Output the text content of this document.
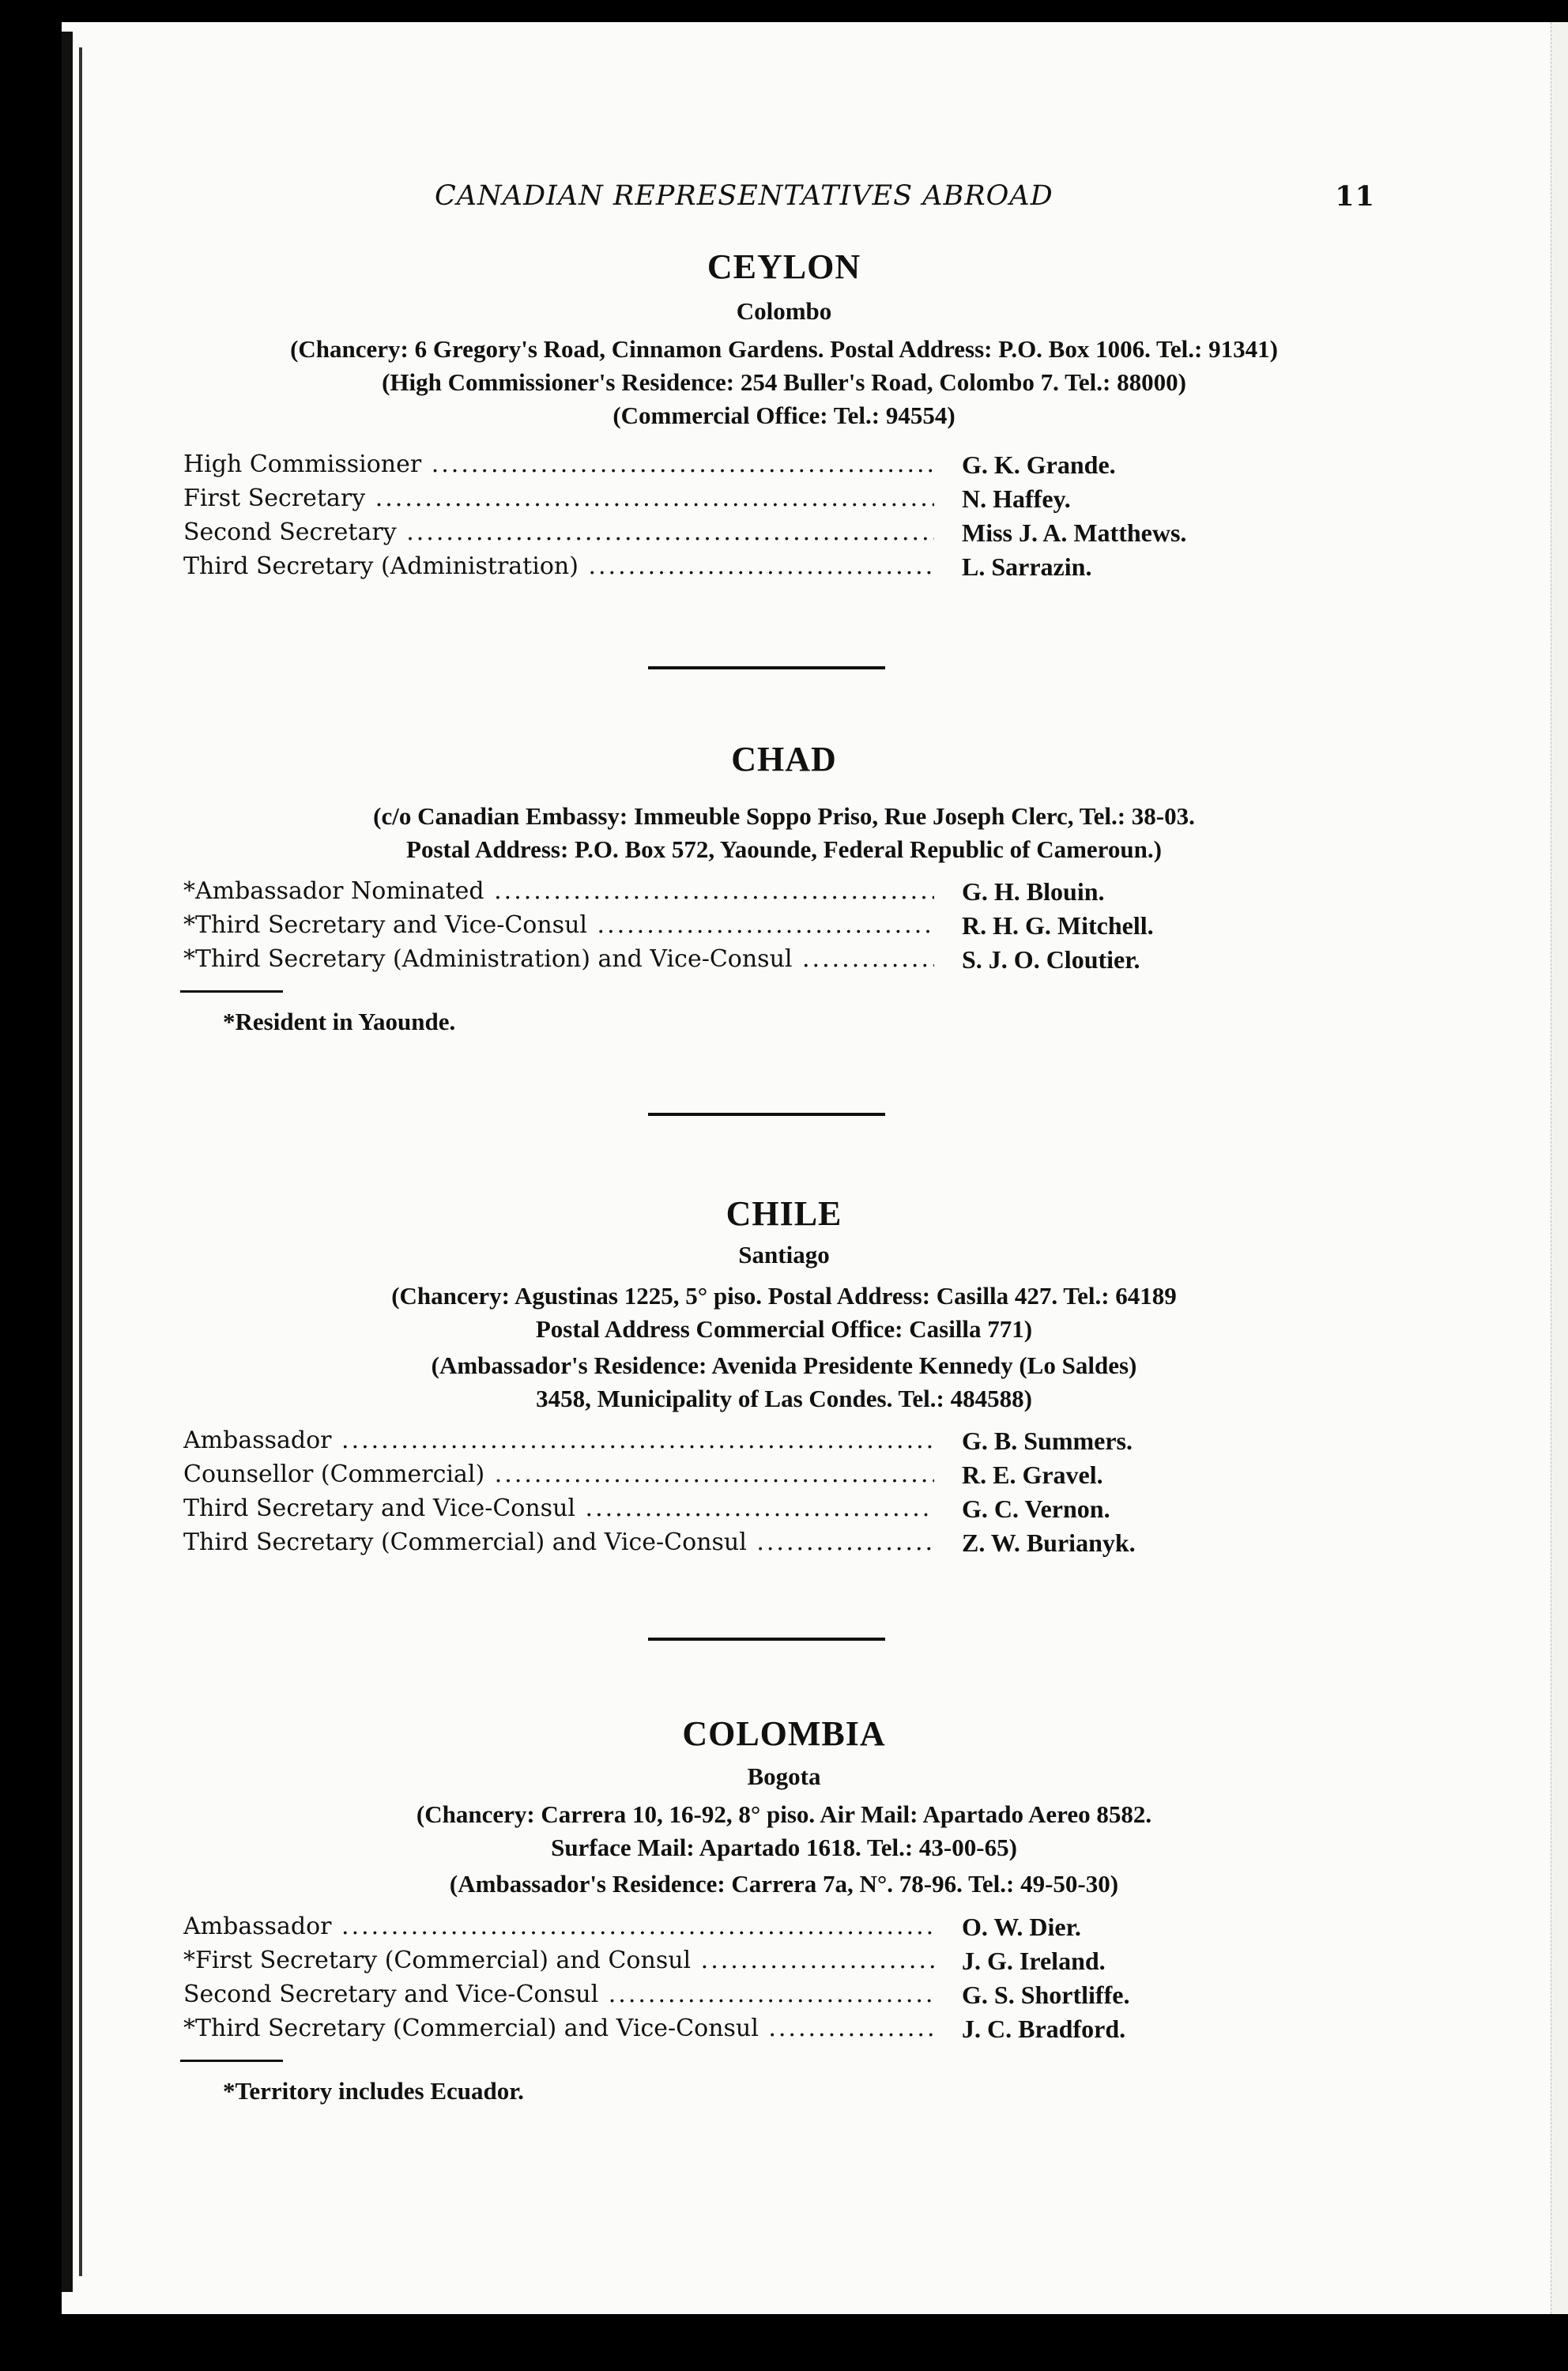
CANADIAN REPRESENTATIVES ABROAD	11
CEYLON
Colombo
(Chancery: 6 Gregory's Road, Cinnamon Gardens. Postal Address: P.O. Box 1006. Tel.: 91341)
(High Commissioner's Residence: 254 Buller's Road, Colombo 7. Tel.: 88000)
(Commercial Office: Tel.: 94554)
High Commissioner .....	G. K. Grande.
First Secretary .....	N. Haffey.
Second Secretary .....	Miss J. A. Matthews.
Third Secretary (Administration) .....	L. Sarrazin.
CHAD
(c/o Canadian Embassy: Immeuble Soppo Priso, Rue Joseph Clerc, Tel.: 38-03.
Postal Address: P.O. Box 572, Yaounde, Federal Republic of Cameroun.)
*Ambassador Nominated .....	G. H. Blouin.
*Third Secretary and Vice-Consul .....	R. H. G. Mitchell.
*Third Secretary (Administration) and Vice-Consul .....	S. J. O. Cloutier.
*Resident in Yaounde.
CHILE
Santiago
(Chancery: Agustinas 1225, 5° piso. Postal Address: Casilla 427. Tel.: 64189
Postal Address Commercial Office: Casilla 771)
(Ambassador's Residence: Avenida Presidente Kennedy (Lo Saldes)
3458, Municipality of Las Condes. Tel.: 484588)
Ambassador .....	G. B. Summers.
Counsellor (Commercial) .....	R. E. Gravel.
Third Secretary and Vice-Consul .....	G. C. Vernon.
Third Secretary (Commercial) and Vice-Consul .....	Z. W. Burianyk.
COLOMBIA
Bogota
(Chancery: Carrera 10, 16-92, 8° piso. Air Mail: Apartado Aereo 8582.
Surface Mail: Apartado 1618. Tel.: 43-00-65)
(Ambassador's Residence: Carrera 7a, N°. 78-96. Tel.: 49-50-30)
Ambassador .....	O. W. Dier.
*First Secretary (Commercial) and Consul .....	J. G. Ireland.
Second Secretary and Vice-Consul .....	G. S. Shortliffe.
*Third Secretary (Commercial) and Vice-Consul .....	J. C. Bradford.
*Territory includes Ecuador.
